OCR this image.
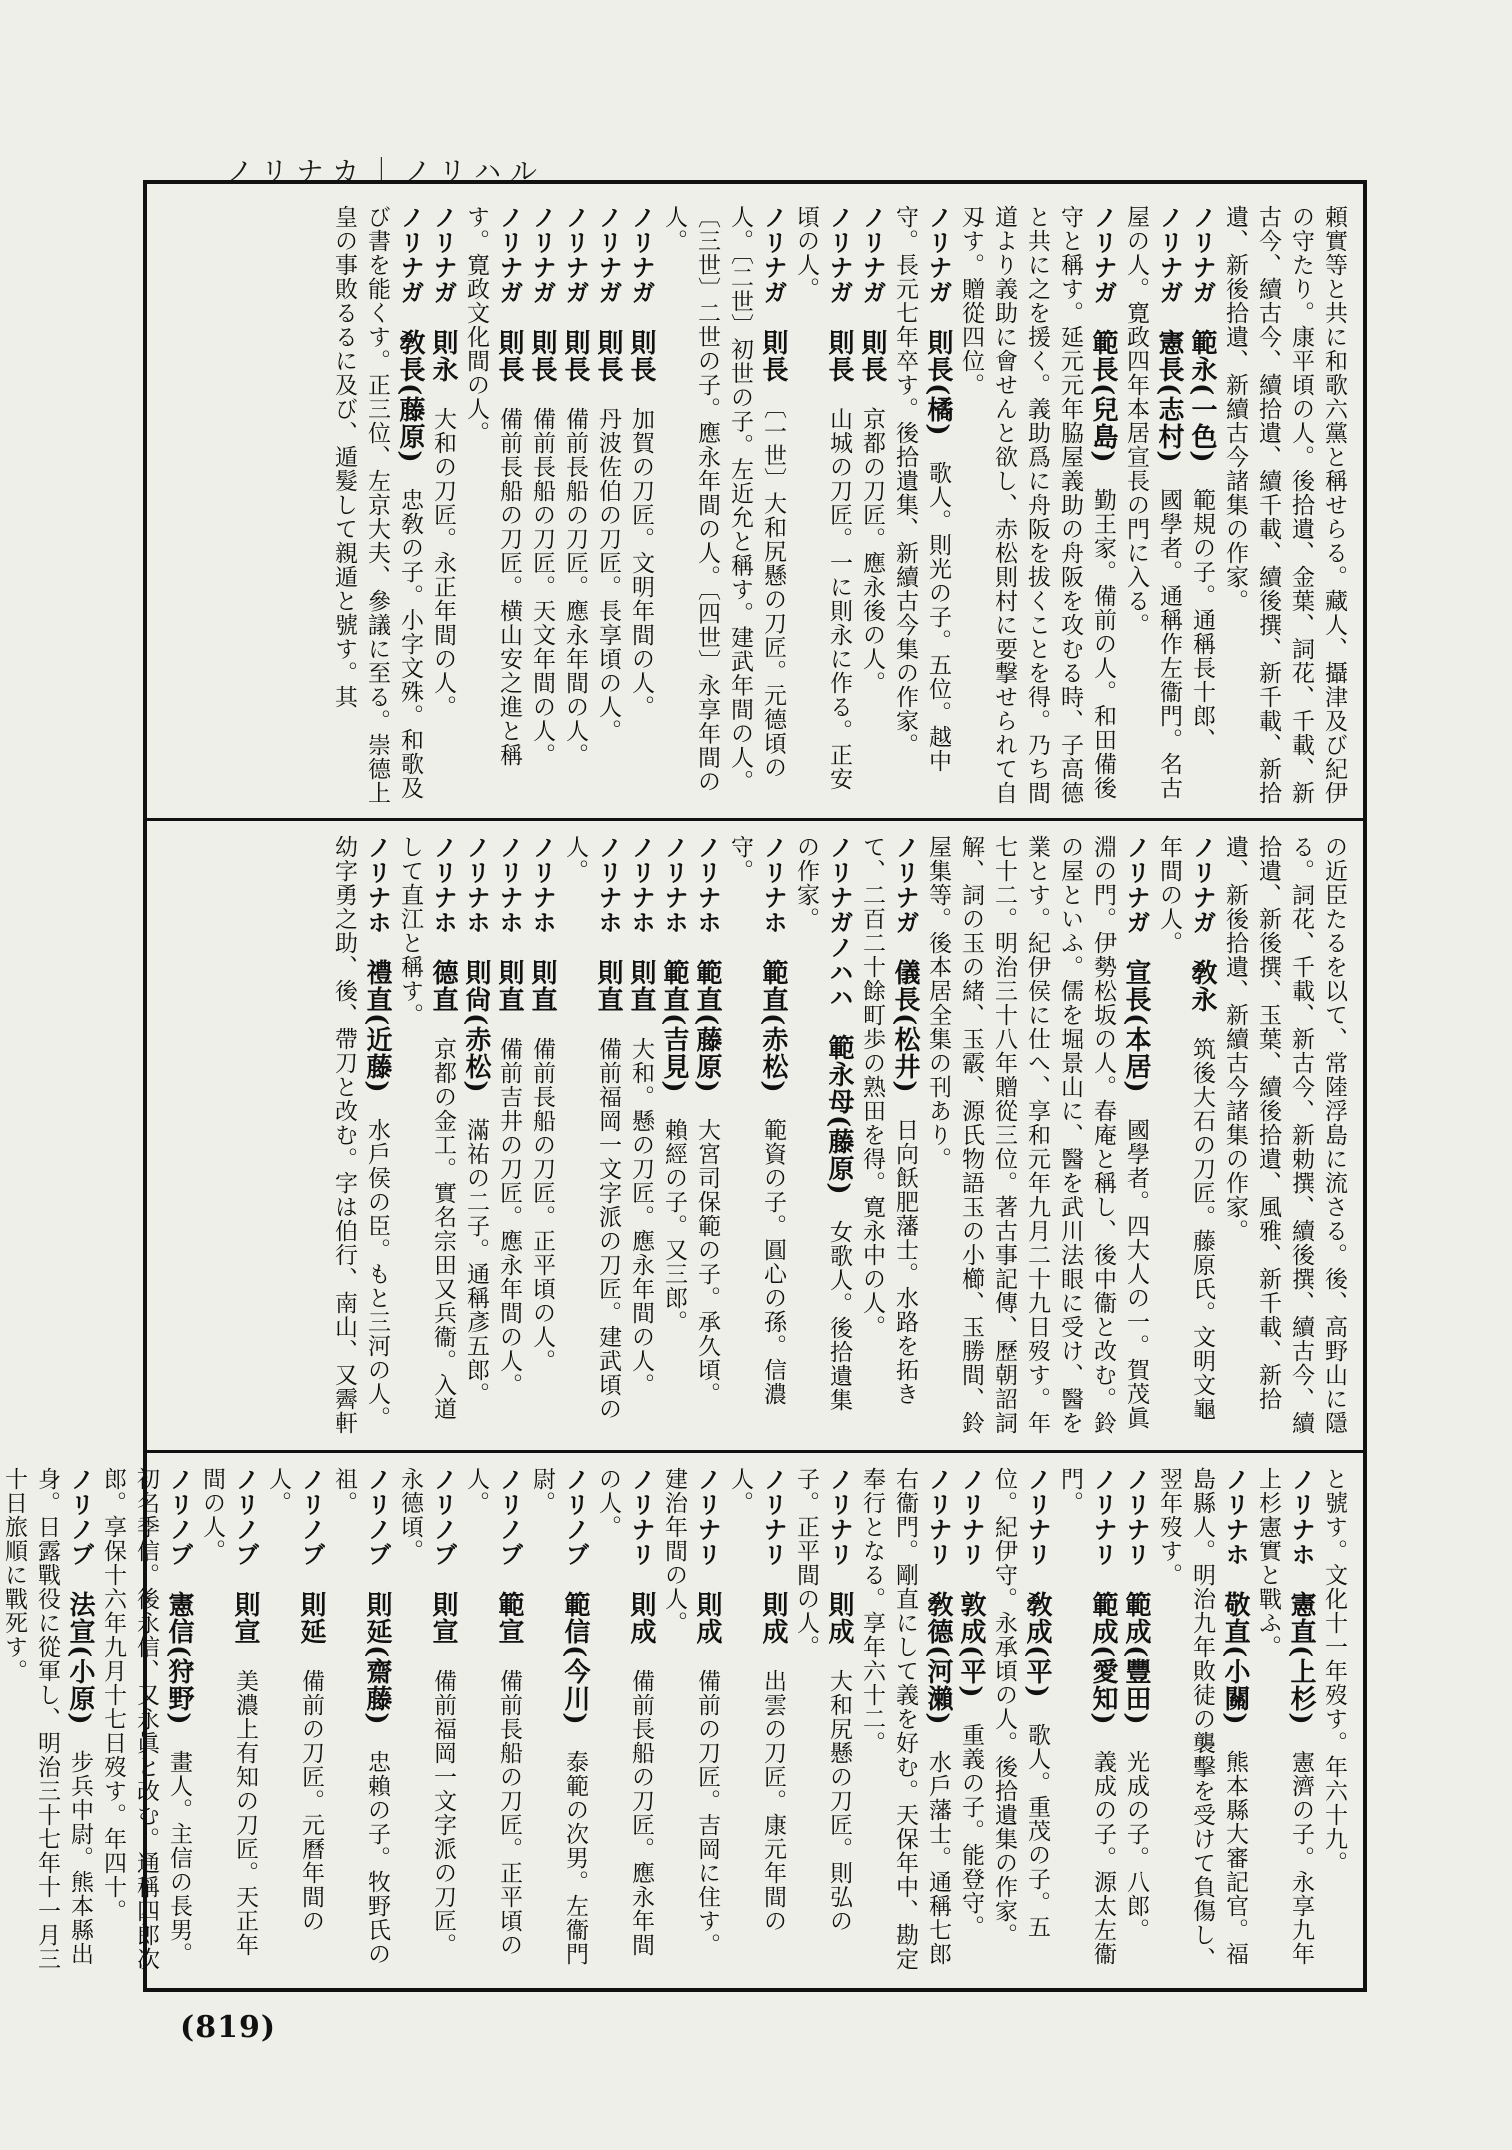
ノリナカ｜ノリハル

頼實等と共に和歌六黨と稱せらる。藏人、攝津及び紀伊の守たり。康平頃の人。後拾遺、金葉、詞花、千載、新古今、續古今、續拾遺、續千載、續後撰、新千載、新拾遺、新後拾遺、新續古今諸集の作家。

ノリナガ　範永(一色)　範規の子。通稱長十郎、

ノリナガ　憲長(志村)　國學者。通稱作左衞門。名古屋の人。寛政四年本居宣長の門に入る。

ノリナガ　範長(兒島)　勤王家。備前の人。和田備後守と稱す。延元元年脇屋義助の舟阪を攻むる時、子高德と共に之を援く。義助爲に舟阪を拔くことを得。乃ち間道より義助に會せんと欲し、赤松則村に要撃せられて自刄す。贈從四位。

ノリナガ　則長(橘)　歌人。則光の子。五位。越中守。長元七年卒す。後拾遺集、新續古今集の作家。

ノリナガ　則長　京都の刀匠。應永後の人。

ノリナガ　則長　山城の刀匠。一に則永に作る。正安頃の人。

ノリナガ　則長　〔一世〕大和尻懸の刀匠。元德頃の人。〔二世〕初世の子。左近允と稱す。建武年間の人。〔三世〕二世の子。應永年間の人。〔四世〕永享年間の人。

ノリナガ　則長　加賀の刀匠。文明年間の人。

ノリナガ　則長　丹波佐伯の刀匠。長享頃の人。

ノリナガ　則長　備前長船の刀匠。應永年間の人。

ノリナガ　則長　備前長船の刀匠。天文年間の人。

ノリナガ　則長　備前長船の刀匠。横山安之進と稱す。寛政文化間の人。

ノリナガ　則永　大和の刀匠。永正年間の人。

ノリナガ　敎長(藤原)　忠敎の子。小字文殊。和歌及び書を能くす。正三位、左京大夫、參議に至る。崇德上皇の事敗るるに及び、遁髮して親遁と號す。其

の近臣たるを以て、常陸浮島に流さる。後、高野山に隱る。詞花、千載、新古今、新勅撰、續後撰、續古今、續拾遺、新後撰、玉葉、續後拾遺、風雅、新千載、新拾遺、新後拾遺、新續古今諸集の作家。

ノリナガ　敎永　筑後大石の刀匠。藤原氏。文明文龜年間の人。

ノリナガ　宣長(本居)　國學者。四大人の一。賀茂眞淵の門。伊勢松坂の人。春庵と稱し、後中衞と改む。鈴の屋といふ。儒を堀景山に、醫を武川法眼に受け、醫を業とす。紀伊侯に仕へ、享和元年九月二十九日歿す。年七十二。明治三十八年贈從三位。著古事記傳、歷朝詔詞解、詞の玉の緒、玉霰、源氏物語玉の小櫛、玉勝間、鈴屋集等。後本居全集の刊あり。

ノリナガ　儀長(松井)　日向飫肥藩士。水路を拓きて、二百二十餘町歩の熟田を得。寛永中の人。

ノリナガノハハ　範永母(藤原)　女歌人。後拾遺集の作家。

ノリナホ　範直(赤松)　範資の子。圓心の孫。信濃守。

ノリナホ　範直(藤原)　大宮司保範の子。承久頃。

ノリナホ　範直(吉見)　賴經の子。又三郎。

ノリナホ　則直　大和。懸の刀匠。應永年間の人。

ノリナホ　則直　備前福岡一文字派の刀匠。建武頃の人。

ノリナホ　則直　備前長船の刀匠。正平頃の人。

ノリナホ　則直　備前吉井の刀匠。應永年間の人。

ノリナホ　則尙(赤松)　滿祐の二子。通稱彥五郎。

ノリナホ　德直　京都の金工。實名宗田又兵衞。入道して直江と稱す。

ノリナホ　禮直(近藤)　水戶侯の臣。もと三河の人。幼字勇之助、後、帶刀と改む。字は伯行、南山、又霽軒

と號す。文化十一年歿す。年六十九。

ノリナホ　憲直(上杉)　憲濟の子。永享九年上杉憲實と戰ふ。

ノリナホ　敬直(小關)　熊本縣大審記官。福島縣人。明治九年敗徒の襲擊を受けて負傷し、翌年歿す。

ノリナリ　範成(豐田)　光成の子。八郎。

ノリナリ　範成(愛知)　義成の子。源太左衞門。

ノリナリ　敎成(平)　歌人。重茂の子。五位。紀伊守。永承頃の人。後拾遺集の作家。

ノリナリ　敦成(平)　重義の子。能登守。

ノリナリ　敎德(河瀨)　水戶藩士。通稱七郎右衞門。剛直にして義を好む。天保年中、勘定奉行となる。享年六十二。

ノリナリ　則成　大和尻懸の刀匠。則弘の子。正平間の人。

ノリナリ　則成　出雲の刀匠。康元年間の人。

ノリナリ　則成　備前の刀匠。吉岡に住す。建治年間の人。

ノリナリ　則成　備前長船の刀匠。應永年間の人。

ノリノブ　範信(今川)　泰範の次男。左衞門尉。

ノリノブ　範宣　備前長船の刀匠。正平頃の人。

ノリノブ　則宣　備前福岡一文字派の刀匠。永德頃。

ノリノブ　則延(齋藤)　忠賴の子。牧野氏の祖。

ノリノブ　則延　備前の刀匠。元曆年間の人。

ノリノブ　則宣　美濃上有知の刀匠。天正年間の人。

ノリノブ　憲信(狩野)　畫人。主信の長男。初名季信。後永信、又永眞と改む。通稱四郎次郎。享保十六年九月十七日歿す。年四十。

ノリノブ　法宣(小原)　步兵中尉。熊本縣出身。日露戰役に從軍し、明治三十七年十一月三十日旅順に戰死す。

(819)
